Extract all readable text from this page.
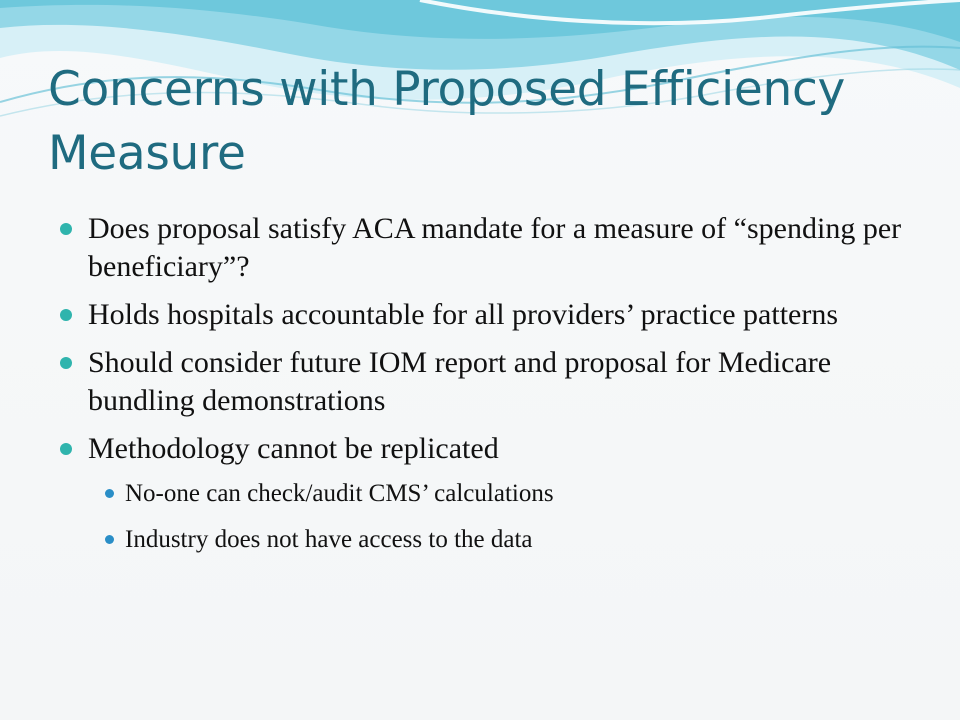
Concerns with Proposed Efficiency Measure
Does proposal satisfy ACA mandate for a measure of “spending per beneficiary”?
Holds hospitals accountable for all providers’ practice patterns
Should consider future IOM report and proposal for Medicare bundling demonstrations
Methodology cannot be replicated
No-one can check/audit CMS’ calculations
Industry does not have access to the data
